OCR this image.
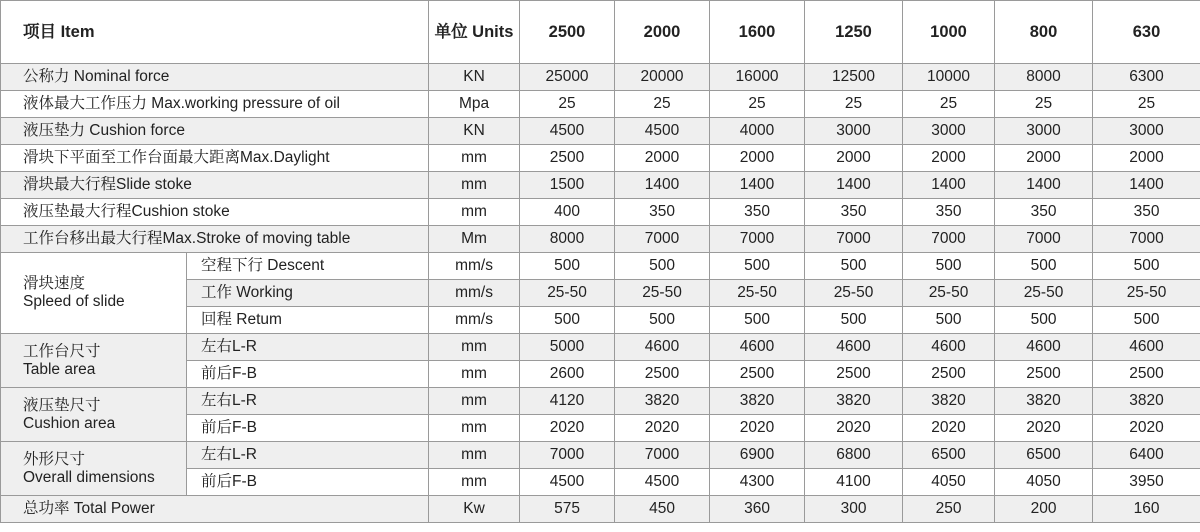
项目 Item		单位 Units	2500	2000	1600	1250	1000	800	630
公称力 Nominal force		KN	25000	20000	16000	12500	10000	8000	6300
液体最大工作压力 Max.working pressure of oil		Mpa	25	25	25	25	25	25	25
液压垫力 Cushion force		KN	4500	4500	4000	3000	3000	3000	3000
滑块下平面至工作台面最大距离Max.Daylight		mm	2500	2000	2000	2000	2000	2000	2000
滑块最大行程Slide stoke		mm	1500	1400	1400	1400	1400	1400	1400
液压垫最大行程Cushion stoke		mm	400	350	350	350	350	350	350
工作台移出最大行程Max.Stroke of moving table		Mm	8000	7000	7000	7000	7000	7000	7000

滑块速度
Spleed of slide	空程下行 Descent	mm/s	500	500	500	500	500	500	500
	工作 Working	mm/s	25-50	25-50	25-50	25-50	25-50	25-50	25-50
	回程 Retum	mm/s	500	500	500	500	500	500	500

工作台尺寸
Table area	左右L-R	mm	5000	4600	4600	4600	4600	4600	4600
	前后F-B	mm	2600	2500	2500	2500	2500	2500	2500

液压垫尺寸
Cushion area	左右L-R	mm	4120	3820	3820	3820	3820	3820	3820
	前后F-B	mm	2020	2020	2020	2020	2020	2020	2020

外形尺寸
Overall dimensions	左右L-R	mm	7000	7000	6900	6800	6500	6500	6400
	前后F-B	mm	4500	4500	4300	4100	4050	4050	3950
总功率 Total Power		Kw	575	450	360	300	250	200	160
